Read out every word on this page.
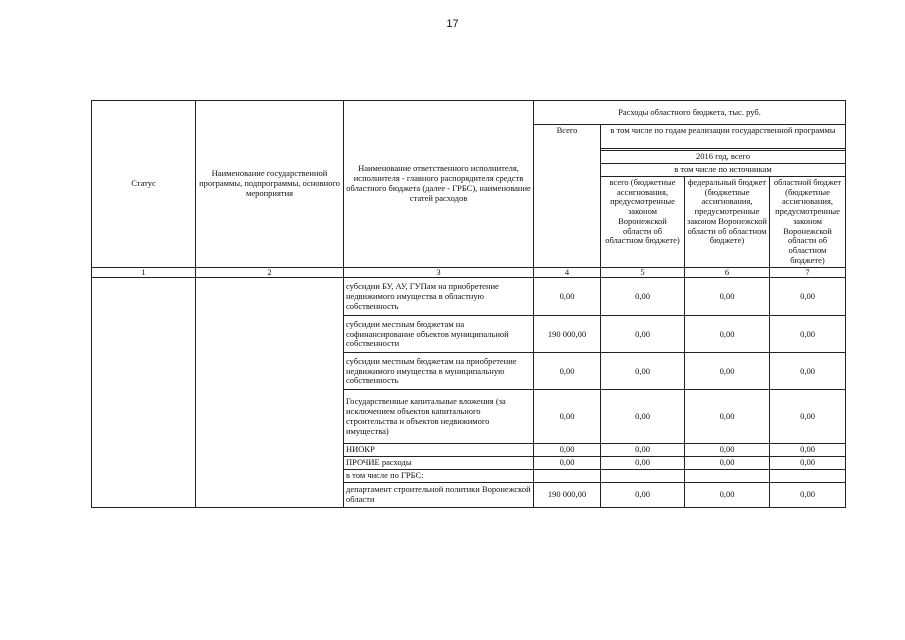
17
Статус	Наименование государственной программы, подпрограммы, основного мероприятия	Наименование ответственного исполнителя, исполнителя - главного распорядителя средств областного бюджета (далее - ГРБС), наименование статей расходов	Расходы областного бюджета, тыс. руб.			
			Всего	в том числе по годам реализации государственной программы		

				2016 год, всего		
				в том числе по источникам		
				всего (бюджетные ассигнования, предусмотренные законом Воронежской области об областном бюджете)	федеральный бюджет (бюджетные ассигнования, предусмотренные законом Воронежской области об областном бюджете)	областной бюджет (бюджетные ассигнования, предусмотренные законом Воронежской области об областном бюджете)
1	2	3	4	5	6	7
		субсидии БУ, АУ, ГУПам на приобретение недвижимого имущества в областную собственность	0,00	0,00	0,00	0,00
		субсидии местным бюджетам на софинансирование объектов муниципальной собственности	190 000,00	0,00	0,00	0,00
		субсидии местным бюджетам на приобретение недвижимого имущества в муниципальную собственность	0,00	0,00	0,00	0,00
		Государственные капитальные вложения (за исключением объектов капитального строительства и объектов недвижимого имущества)	0,00	0,00	0,00	0,00
		НИОКР	0,00	0,00	0,00	0,00
		ПРОЧИЕ расходы	0,00	0,00	0,00	0,00
		в том числе по ГРБС:				
		департамент строительной политики Воронежской области	190 000,00	0,00	0,00	0,00
